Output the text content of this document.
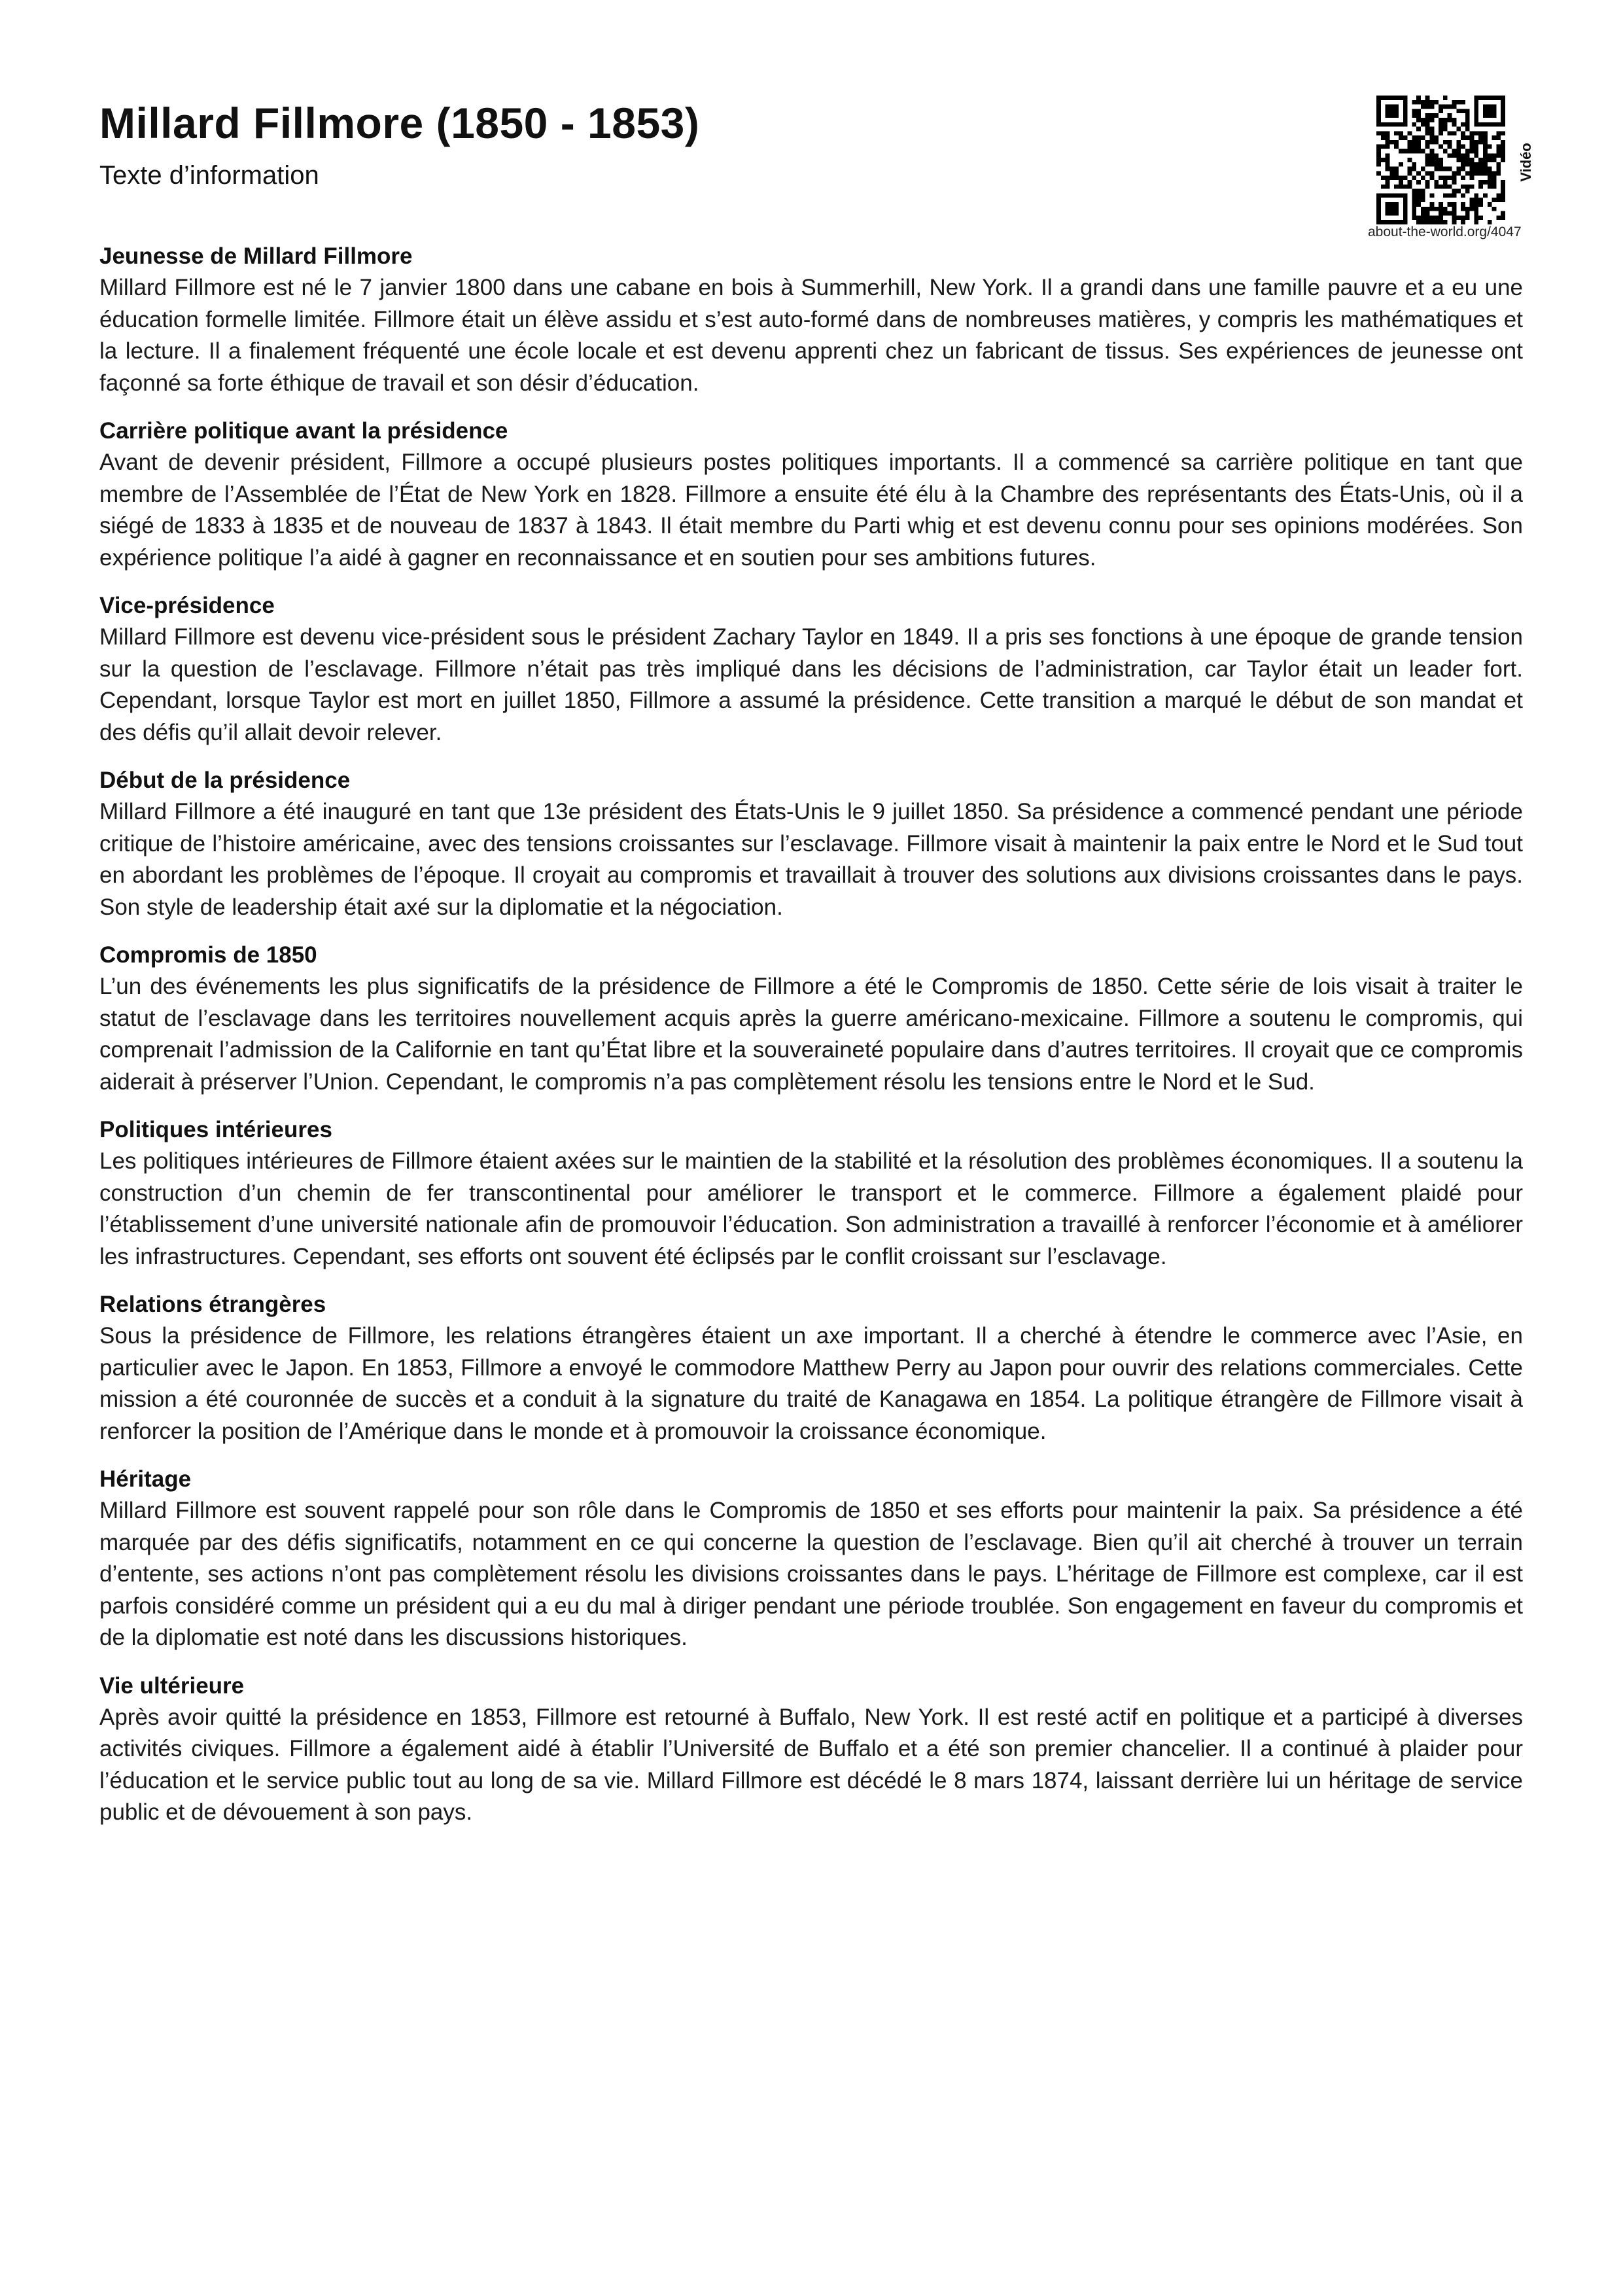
Millard Fillmore (1850 - 1853)

Texte d’information

about-the-world.org/4047
Vidéo
Jeunesse de Millard Fillmore

Millard Fillmore est né le 7 janvier 1800 dans une cabane en bois à Summerhill, New York. Il a grandi dans une famille pauvre et a eu une éducation formelle limitée. Fillmore était un élève assidu et s’est auto-formé dans de nombreuses matières, y compris les mathématiques et la lecture. Il a finalement fréquenté une école locale et est devenu apprenti chez un fabricant de tissus. Ses expériences de jeunesse ont façonné sa forte éthique de travail et son désir d’éducation.

Carrière politique avant la présidence

Avant de devenir président, Fillmore a occupé plusieurs postes politiques importants. Il a commencé sa carrière politique en tant que membre de l’Assemblée de l’État de New York en 1828. Fillmore a ensuite été élu à la Chambre des représentants des États-Unis, où il a siégé de 1833 à 1835 et de nouveau de 1837 à 1843. Il était membre du Parti whig et est devenu connu pour ses opinions modérées. Son expérience politique l’a aidé à gagner en reconnaissance et en soutien pour ses ambitions futures.

Vice-présidence

Millard Fillmore est devenu vice-président sous le président Zachary Taylor en 1849. Il a pris ses fonctions à une époque de grande tension sur la question de l’esclavage. Fillmore n’était pas très impliqué dans les décisions de l’administration, car Taylor était un leader fort. Cependant, lorsque Taylor est mort en juillet 1850, Fillmore a assumé la présidence. Cette transition a marqué le début de son mandat et des défis qu’il allait devoir relever.

Début de la présidence

Millard Fillmore a été inauguré en tant que 13e président des États-Unis le 9 juillet 1850. Sa présidence a commencé pendant une période critique de l’histoire américaine, avec des tensions croissantes sur l’esclavage. Fillmore visait à maintenir la paix entre le Nord et le Sud tout en abordant les problèmes de l’époque. Il croyait au compromis et travaillait à trouver des solutions aux divisions croissantes dans le pays. Son style de leadership était axé sur la diplomatie et la négociation.

Compromis de 1850

L’un des événements les plus significatifs de la présidence de Fillmore a été le Compromis de 1850. Cette série de lois visait à traiter le statut de l’esclavage dans les territoires nouvellement acquis après la guerre américano-mexicaine. Fillmore a soutenu le compromis, qui comprenait l’admission de la Californie en tant qu’État libre et la souveraineté populaire dans d’autres territoires. Il croyait que ce compromis aiderait à préserver l’Union. Cependant, le compromis n’a pas complètement résolu les tensions entre le Nord et le Sud.

Politiques intérieures

Les politiques intérieures de Fillmore étaient axées sur le maintien de la stabilité et la résolution des problèmes économiques. Il a soutenu la construction d’un chemin de fer transcontinental pour améliorer le transport et le commerce. Fillmore a également plaidé pour l’établissement d’une université nationale afin de promouvoir l’éducation. Son administration a travaillé à renforcer l’économie et à améliorer les infrastructures. Cependant, ses efforts ont souvent été éclipsés par le conflit croissant sur l’esclavage.

Relations étrangères

Sous la présidence de Fillmore, les relations étrangères étaient un axe important. Il a cherché à étendre le commerce avec l’Asie, en particulier avec le Japon. En 1853, Fillmore a envoyé le commodore Matthew Perry au Japon pour ouvrir des relations commerciales. Cette mission a été couronnée de succès et a conduit à la signature du traité de Kanagawa en 1854. La politique étrangère de Fillmore visait à renforcer la position de l’Amérique dans le monde et à promouvoir la croissance économique.

Héritage

Millard Fillmore est souvent rappelé pour son rôle dans le Compromis de 1850 et ses efforts pour maintenir la paix. Sa présidence a été marquée par des défis significatifs, notamment en ce qui concerne la question de l’esclavage. Bien qu’il ait cherché à trouver un terrain d’entente, ses actions n’ont pas complètement résolu les divisions croissantes dans le pays. L’héritage de Fillmore est complexe, car il est parfois considéré comme un président qui a eu du mal à diriger pendant une période troublée. Son engagement en faveur du compromis et de la diplomatie est noté dans les discussions historiques.

Vie ultérieure

Après avoir quitté la présidence en 1853, Fillmore est retourné à Buffalo, New York. Il est resté actif en politique et a participé à diverses activités civiques. Fillmore a également aidé à établir l’Université de Buffalo et a été son premier chancelier. Il a continué à plaider pour l’éducation et le service public tout au long de sa vie. Millard Fillmore est décédé le 8 mars 1874, laissant derrière lui un héritage de service public et de dévouement à son pays.
